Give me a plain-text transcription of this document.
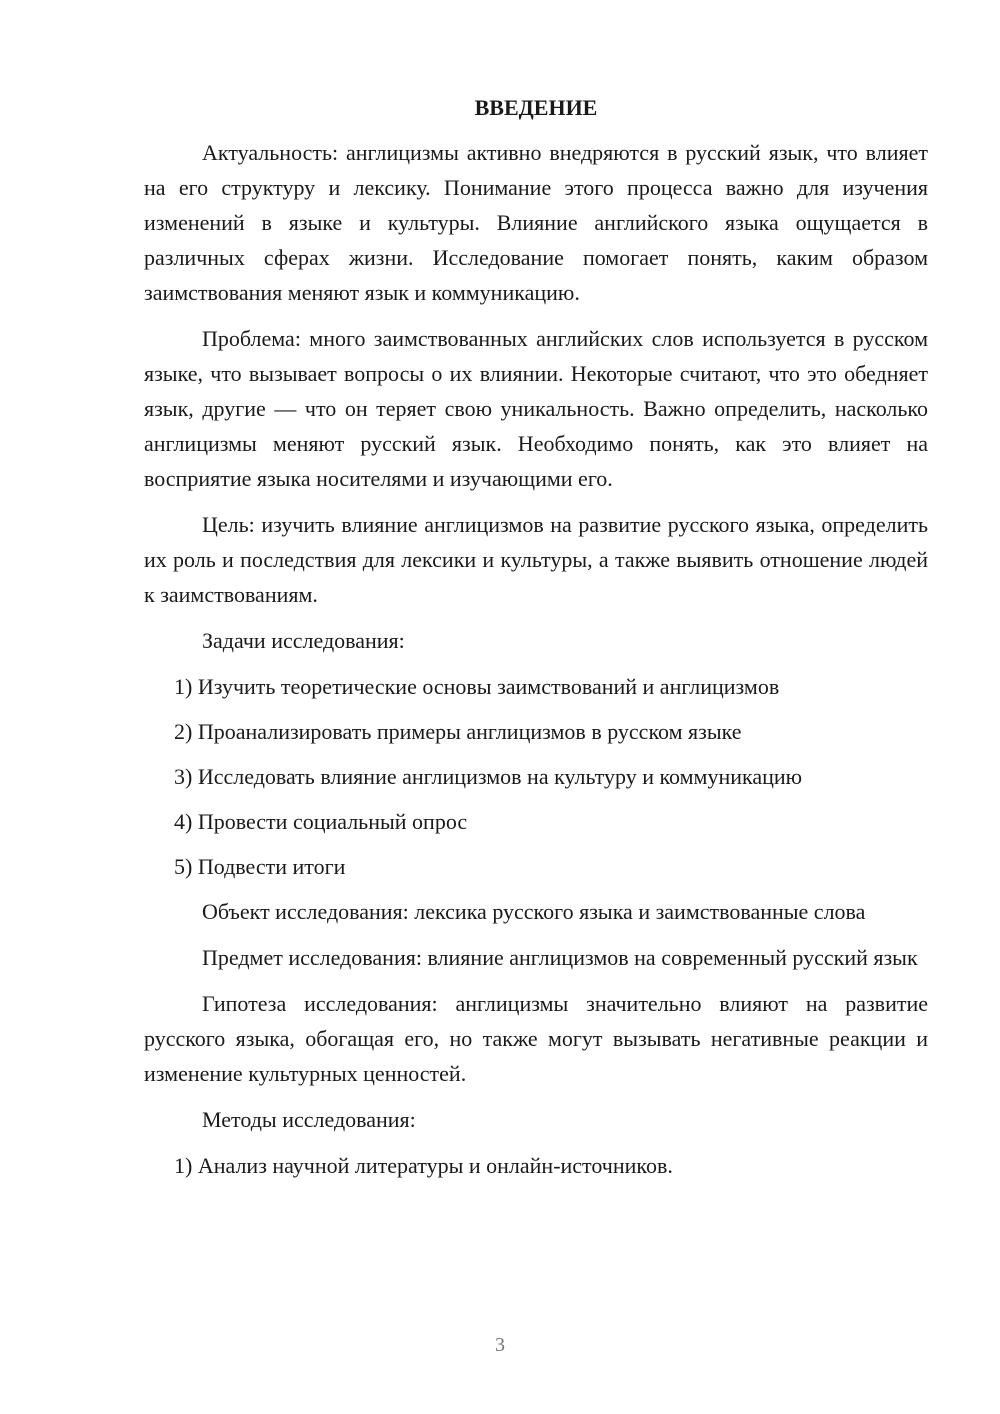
ВВЕДЕНИЕ

Актуальность: англицизмы активно внедряются в русский язык, что влияет на его структуру и лексику. Понимание этого процесса важно для изучения изменений в языке и культуры. Влияние английского языка ощущается в различных сферах жизни. Исследование помогает понять, каким образом заимствования меняют язык и коммуникацию.

Проблема: много заимствованных английских слов используется в русском языке, что вызывает вопросы о их влиянии. Некоторые считают, что это обедняет язык, другие — что он теряет свою уникальность. Важно определить, насколько англицизмы меняют русский язык. Необходимо понять, как это влияет на восприятие языка носителями и изучающими его.

Цель: изучить влияние англицизмов на развитие русского языка, определить их роль и последствия для лексики и культуры, а также выявить отношение людей к заимствованиям.

Задачи исследования:

1) Изучить теоретические основы заимствований и англицизмов
2) Проанализировать примеры англицизмов в русском языке
3) Исследовать влияние англицизмов на культуру и коммуникацию
4) Провести социальный опрос
5) Подвести итоги

Объект исследования: лексика русского языка и заимствованные слова

Предмет исследования: влияние англицизмов на современный русский язык

Гипотеза исследования: англицизмы значительно влияют на развитие русского языка, обогащая его, но также могут вызывать негативные реакции и изменение культурных ценностей.

Методы исследования:

1) Анализ научной литературы и онлайн-источников.
3
